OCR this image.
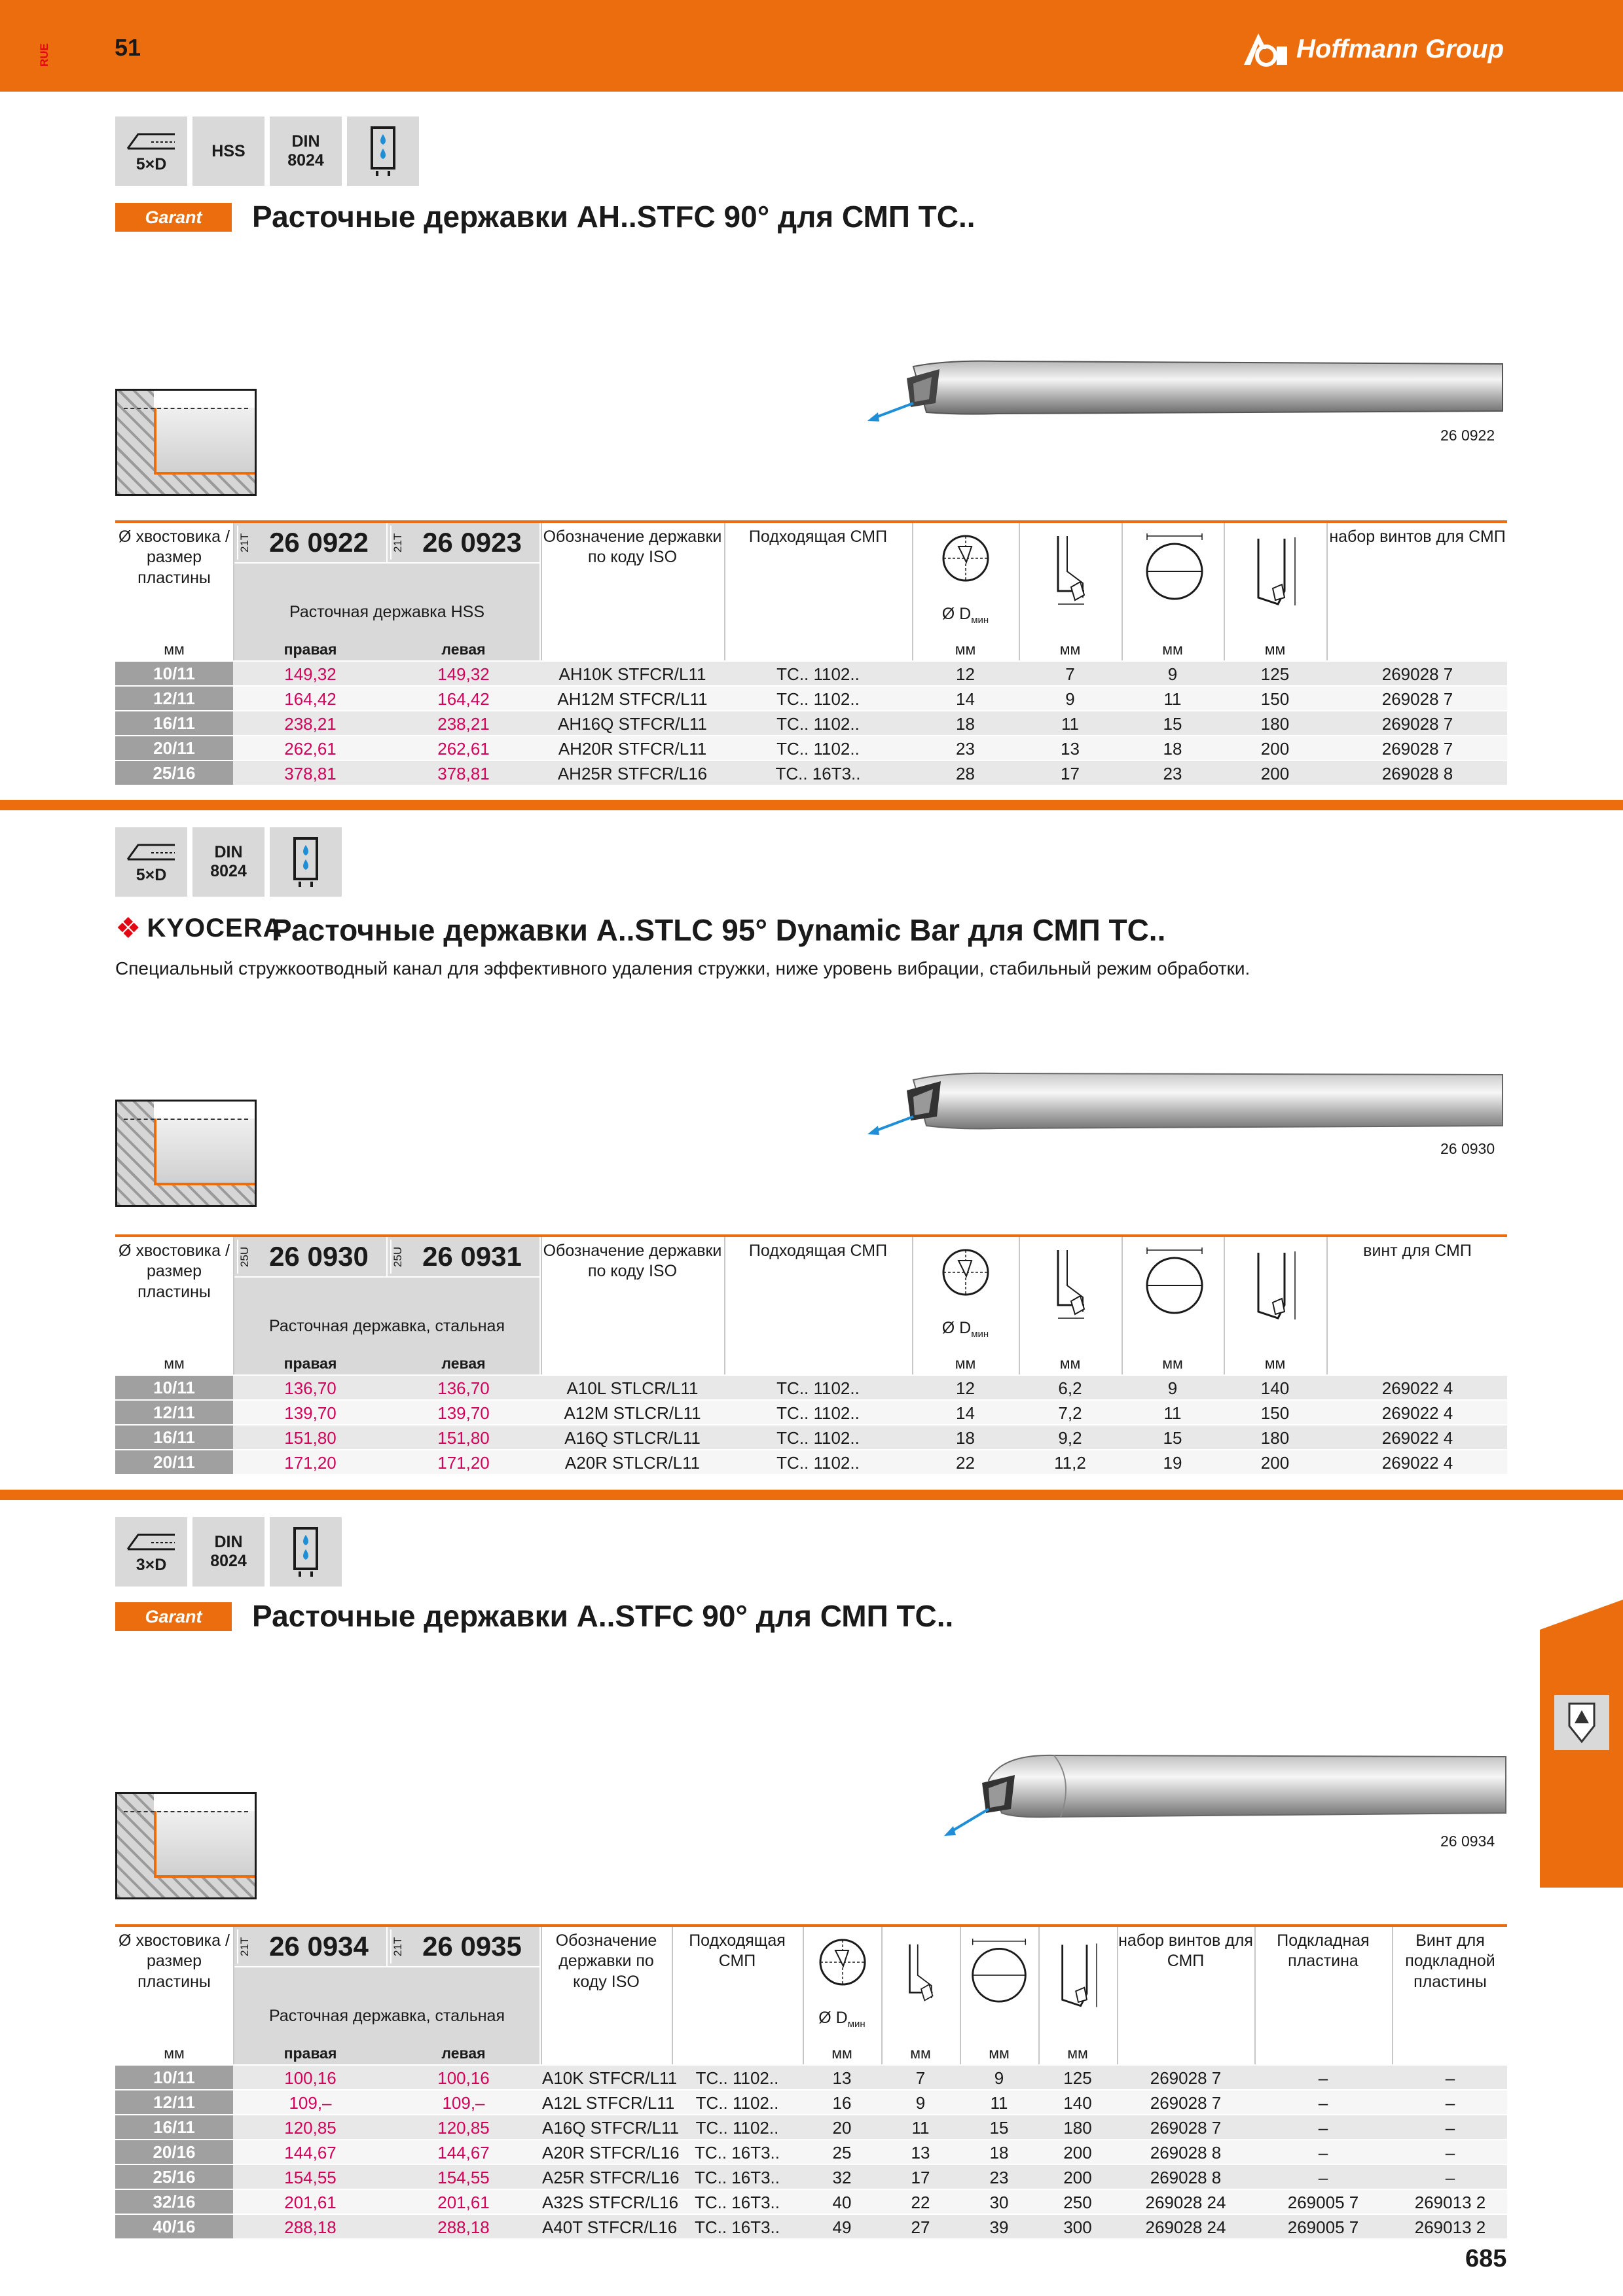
RUE	51	Hoffmann Group
5×D
HSS
DIN
8024
Garant	Расточные державки AH..STFC 90° для СМП TC..
26 0922
Ø хвостовика / размер пластины
21T 26 0922	21T 26 0923
Расточная державка HSS
Обозначение державки по коду ISO
Подходящая СМП
Ø $D_{мин}$
набор винтов для СМП
мм	правая	левая	мм	мм	мм	мм
10/11	149,32	149,32	AH10K STFCR/L11	TC.. 1102..	12	7	9	125	269028 7
12/11	164,42	164,42	AH12M STFCR/L11	TC.. 1102..	14	9	11	150	269028 7
16/11	238,21	238,21	AH16Q STFCR/L11	TC.. 1102..	18	11	15	180	269028 7
20/11	262,61	262,61	AH20R STFCR/L11	TC.. 1102..	23	13	18	200	269028 7
25/16	378,81	378,81	AH25R STFCR/L16	TC.. 16T3..	28	17	23	200	269028 8
5×D
DIN
8024
❖ KYOCERA
Расточные державки A..STLC 95° Dynamic Bar для СМП TC..
Специальный стружкоотводный канал для эффективного удаления стружки, ниже уровень вибрации, стабильный режим обработки.
26 0930
Ø хвостовика / размер пластины
25U 26 0930	25U 26 0931
Расточная державка, стальная
Обозначение державки по коду ISO
Подходящая СМП
Ø $D_{мин}$
винт для СМП
мм	правая	левая	мм	мм	мм	мм
10/11	136,70	136,70	A10L STLCR/L11	TC.. 1102..	12	6,2	9	140	269022 4
12/11	139,70	139,70	A12M STLCR/L11	TC.. 1102..	14	7,2	11	150	269022 4
16/11	151,80	151,80	A16Q STLCR/L11	TC.. 1102..	18	9,2	15	180	269022 4
20/11	171,20	171,20	A20R STLCR/L11	TC.. 1102..	22	11,2	19	200	269022 4
3×D
DIN
8024
Garant	Расточные державки A..STFC 90° для СМП TC..
26 0934
Ø хвостовика / размер пластины
21T 26 0934	21T 26 0935
Расточная державка, стальная
Обозначение державки по коду ISO
Подходящая СМП
Ø $D_{мин}$
набор винтов для СМП
Подкладная пластина
Винт для подкладной пластины
мм	правая	левая	мм	мм	мм	мм
10/11	100,16	100,16	A10K STFCR/L11	TC.. 1102..	13	7	9	125	269028 7	–	–
12/11	109,–	109,–	A12L STFCR/L11	TC.. 1102..	16	9	11	140	269028 7	–	–
16/11	120,85	120,85	A16Q STFCR/L11 TC.. 1102..	20	11	15	180	269028 7	–	–
20/16	144,67	144,67	A20R STFCR/L16 TC.. 16T3..	25	13	18	200	269028 8	–	–
25/16	154,55	154,55	A25R STFCR/L16 TC.. 16T3..	32	17	23	200	269028 8	–	–
32/16	201,61	201,61	A32S STFCR/L16 TC.. 16T3..	40	22	30	250	269028 24	269005 7	269013 2
40/16	288,18	288,18	A40T STFCR/L16	TC.. 16T3..	49	27	39	300	269028 24	269005 7	269013 2
685
